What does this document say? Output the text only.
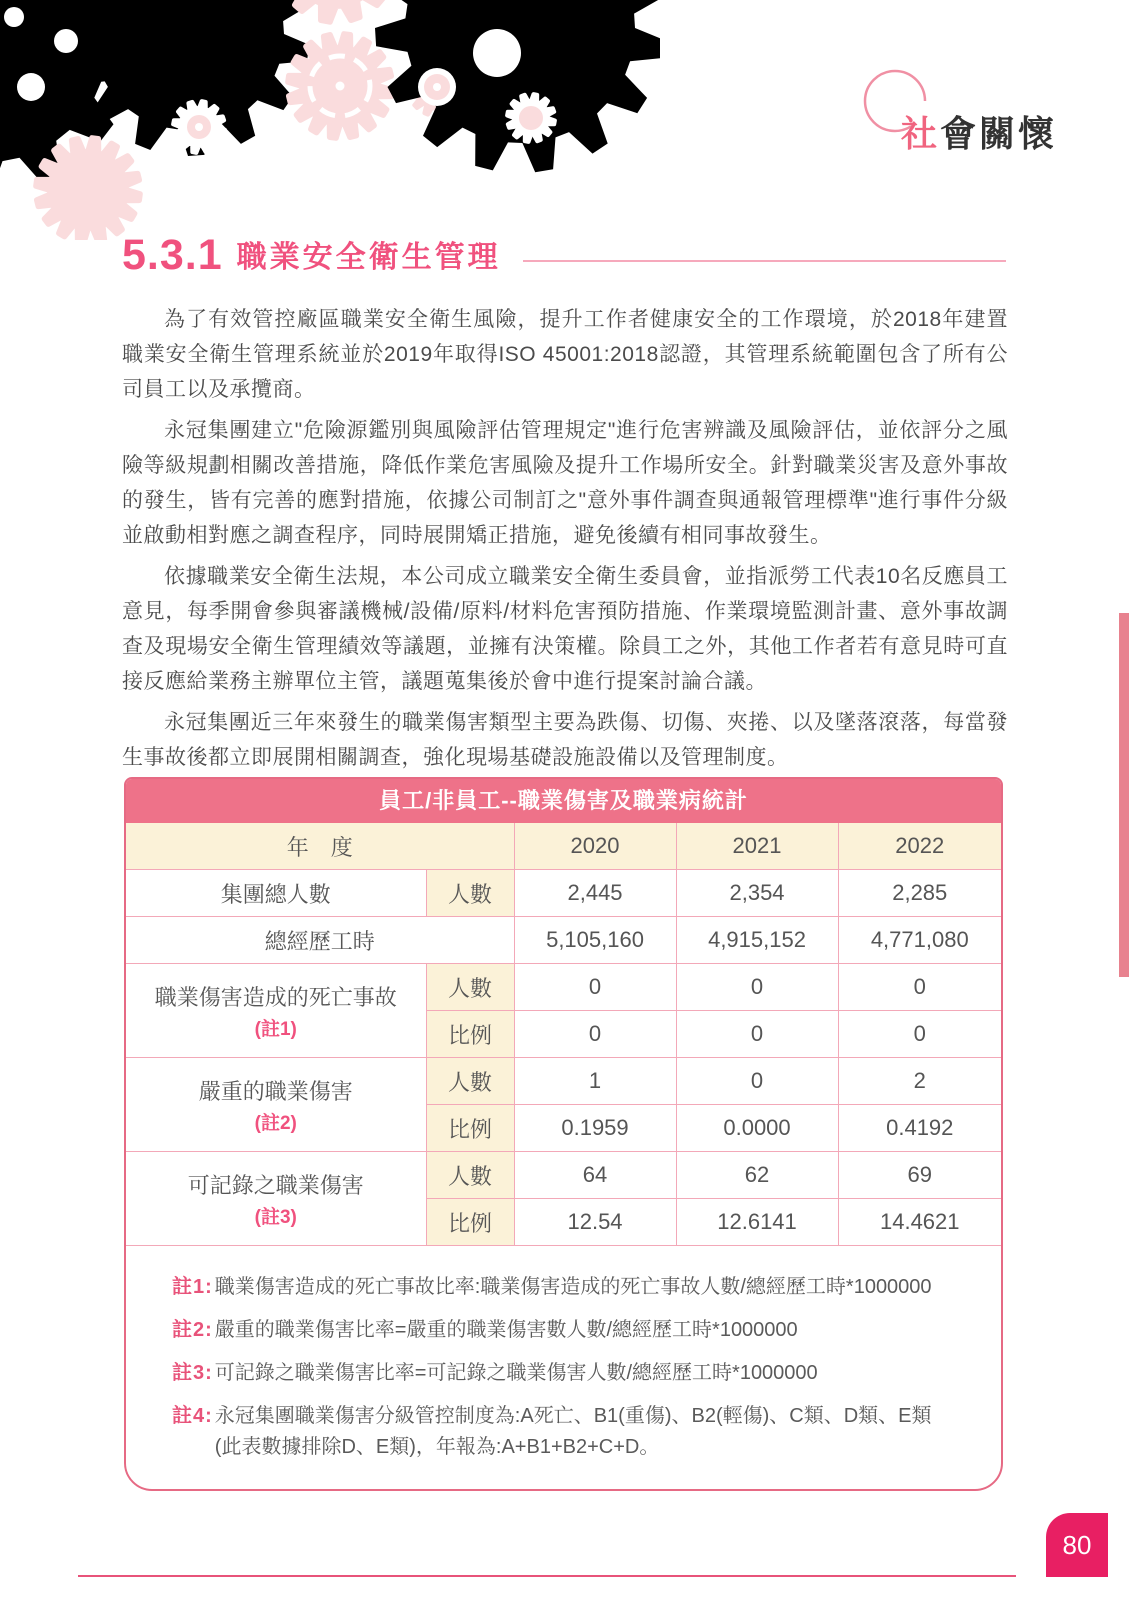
社會關懷
5.3.1 職業安全衛生管理

為了有效管控廠區職業安全衛生風險，提升工作者健康安全的工作環境，於2018年建置職業安全衛生管理系統並於2019年取得ISO 45001:2018認證，其管理系統範圍包含了所有公司員工以及承攬商。

永冠集團建立"危險源鑑別與風險評估管理規定"進行危害辨識及風險評估，並依評分之風險等級規劃相關改善措施，降低作業危害風險及提升工作場所安全。針對職業災害及意外事故的發生，皆有完善的應對措施，依據公司制訂之"意外事件調查與通報管理標準"進行事件分級並啟動相對應之調查程序，同時展開矯正措施，避免後續有相同事故發生。

依據職業安全衛生法規，本公司成立職業安全衛生委員會，並指派勞工代表10名反應員工意見，每季開會參與審議機械/設備/原料/材料危害預防措施、作業環境監測計畫、意外事故調查及現場安全衛生管理績效等議題，並擁有決策權。除員工之外，其他工作者若有意見時可直接反應給業務主辦單位主管，議題蒐集後於會中進行提案討論合議。

永冠集團近三年來發生的職業傷害類型主要為跌傷、切傷、夾捲、以及墜落滾落，每當發生事故後都立即展開相關調查，強化現場基礎設施設備以及管理制度。

員工/非員工--職業傷害及職業病統計
年　度		2020	2021	2022
集團總人數	人數	2,445	2,354	2,285
總經歷工時		5,105,160	4,915,152	4,771,080

職業傷害造成的死亡事故
(註1)	人數	0	0	0
	比例	0	0	0

嚴重的職業傷害
(註2)	人數	1	0	2
	比例	0.1959	0.0000	0.4192

可記錄之職業傷害
(註3)	人數	64	62	69
	比例	12.54	12.6141	14.4621
註1: 職業傷害造成的死亡事故比率:職業傷害造成的死亡事故人數/總經歷工時*1000000
註2: 嚴重的職業傷害比率=嚴重的職業傷害數人數/總經歷工時*1000000
註3: 可記錄之職業傷害比率=可記錄之職業傷害人數/總經歷工時*1000000
註4: 永冠集團職業傷害分級管控制度為:A死亡、B1(重傷)、B2(輕傷)、C類、D類、E類
(此表數據排除D、E類)，年報為:A+B1+B2+C+D。
80
